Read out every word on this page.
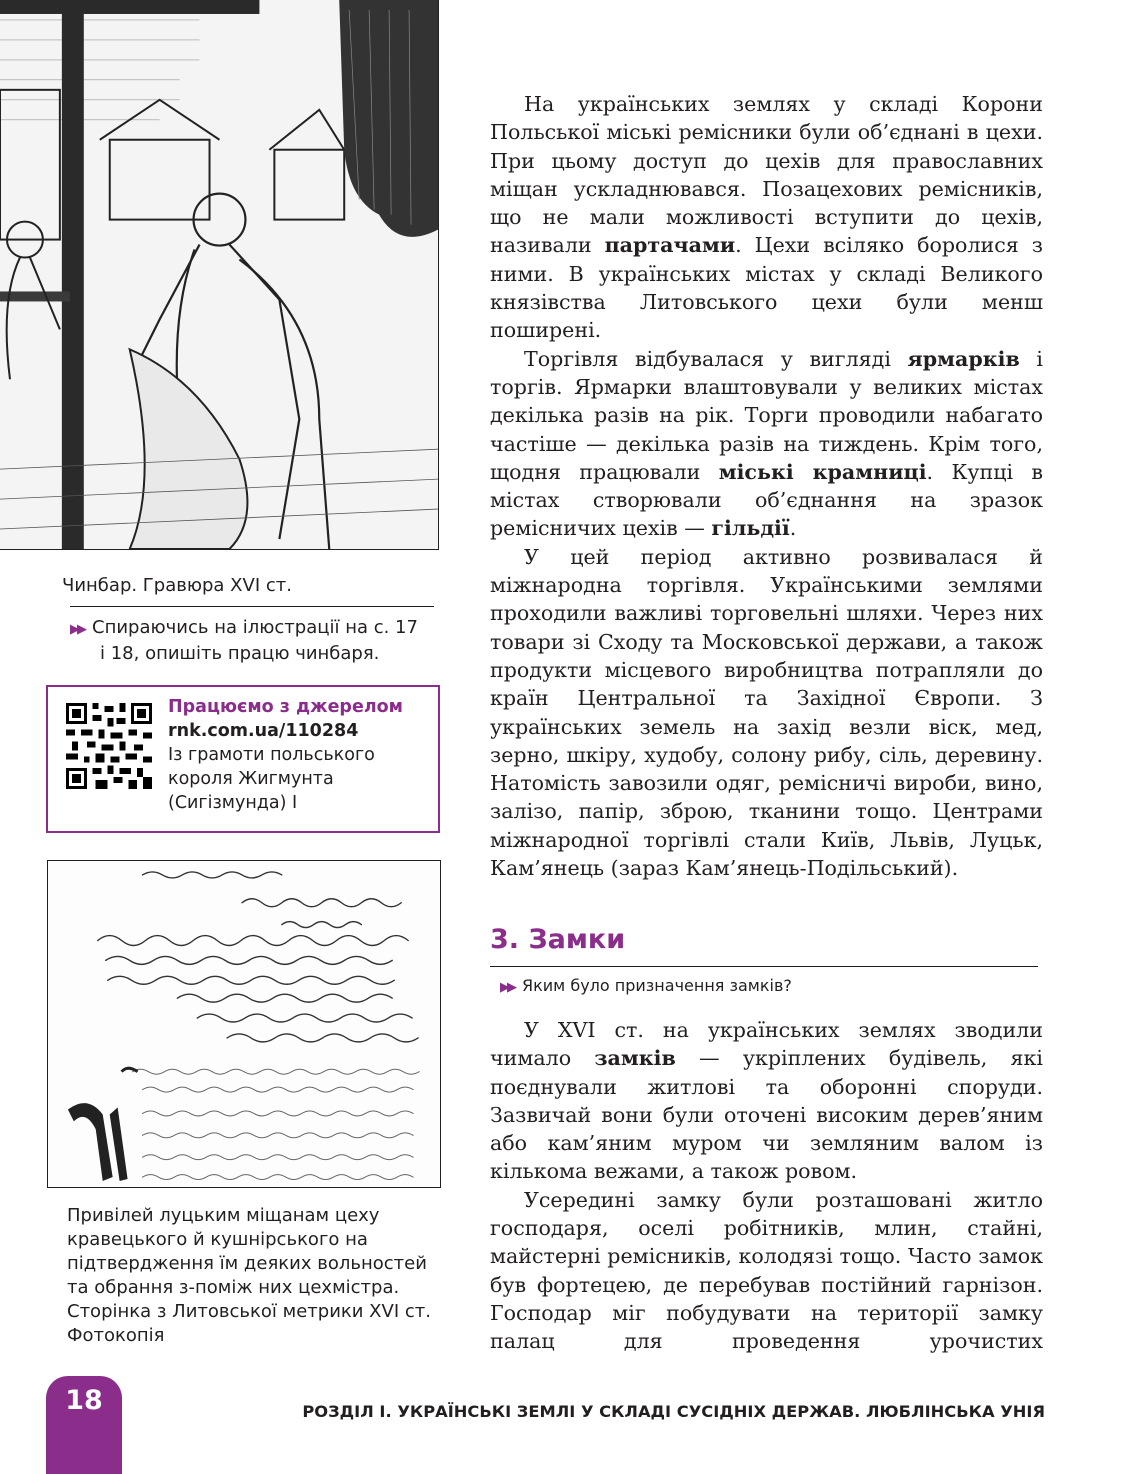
Чинбар. Гравюра XVI ст.
▶▶ Спираючись на ілюстрації на с. 17
і 18, опишіть працю чинбаря.
Працюємо з джерелом
rnk.com.ua/110284
Із грамоти польського
короля Жигмунта
(Сигізмунда) І
Привілей луцьким міщанам цеху
кравецького й кушнірського на
підтвердження їм деяких вольностей
та обрання з-поміж них цехмістра.
Сторінка з Литовської метрики XVI ст.
Фотокопія

На українських землях у складі Корони Польської міські ремісники були об’єднані в цехи. При цьому доступ до цехів для православних міщан ускладнювався. Позацехових ремісників, що не мали можливості вступити до цехів, називали партачами. Цехи всіляко боролися з ними. В українських містах у складі Великого князівства Литовського цехи були менш поширені.

Торгівля відбувалася у вигляді ярмарків і торгів. Ярмарки влаштовували у великих містах декілька разів на рік. Торги проводили набагато частіше — декілька разів на тиждень. Крім того, щодня працювали міські крамниці. Купці в містах створювали об’єднання на зразок ремісничих цехів — гільдії.

У цей період активно розвивалася й міжнародна торгівля. Українськими землями проходили важливі торговельні шляхи. Через них товари зі Сходу та Московської держави, а також продукти місцевого виробництва потрапляли до країн Центральної та Західної Європи. З українських земель на захід везли віск, мед, зерно, шкіру, худобу, солону рибу, сіль, деревину. Натомість завозили одяг, ремісничі вироби, вино, залізо, папір, зброю, тканини тощо. Центрами міжнародної торгівлі стали Київ, Львів, Луцьк, Кам’янець (зараз Кам’янець-Подільський).

3. Замки
▶▶ Яким було призначення замків?

У XVI ст. на українських землях зводили чимало замків — укріплених будівель, які поєднували житлові та оборонні споруди. Зазвичай вони були оточені високим дерев’яним або кам’яним муром чи земляним валом із кількома вежами, а також ровом.

Усередині замку були розташовані житло господаря, оселі робітників, млин, стайні, майстерні ремісників, колодязі тощо. Часто замок був фортецею, де перебував постійний гарнізон. Господар міг побудувати на території замку палац для проведення урочистих

18	РОЗДІЛ І. УКРАЇНСЬКІ ЗЕМЛІ У СКЛАДІ СУСІДНІХ ДЕРЖАВ. ЛЮБЛІНСЬКА УНІЯ
